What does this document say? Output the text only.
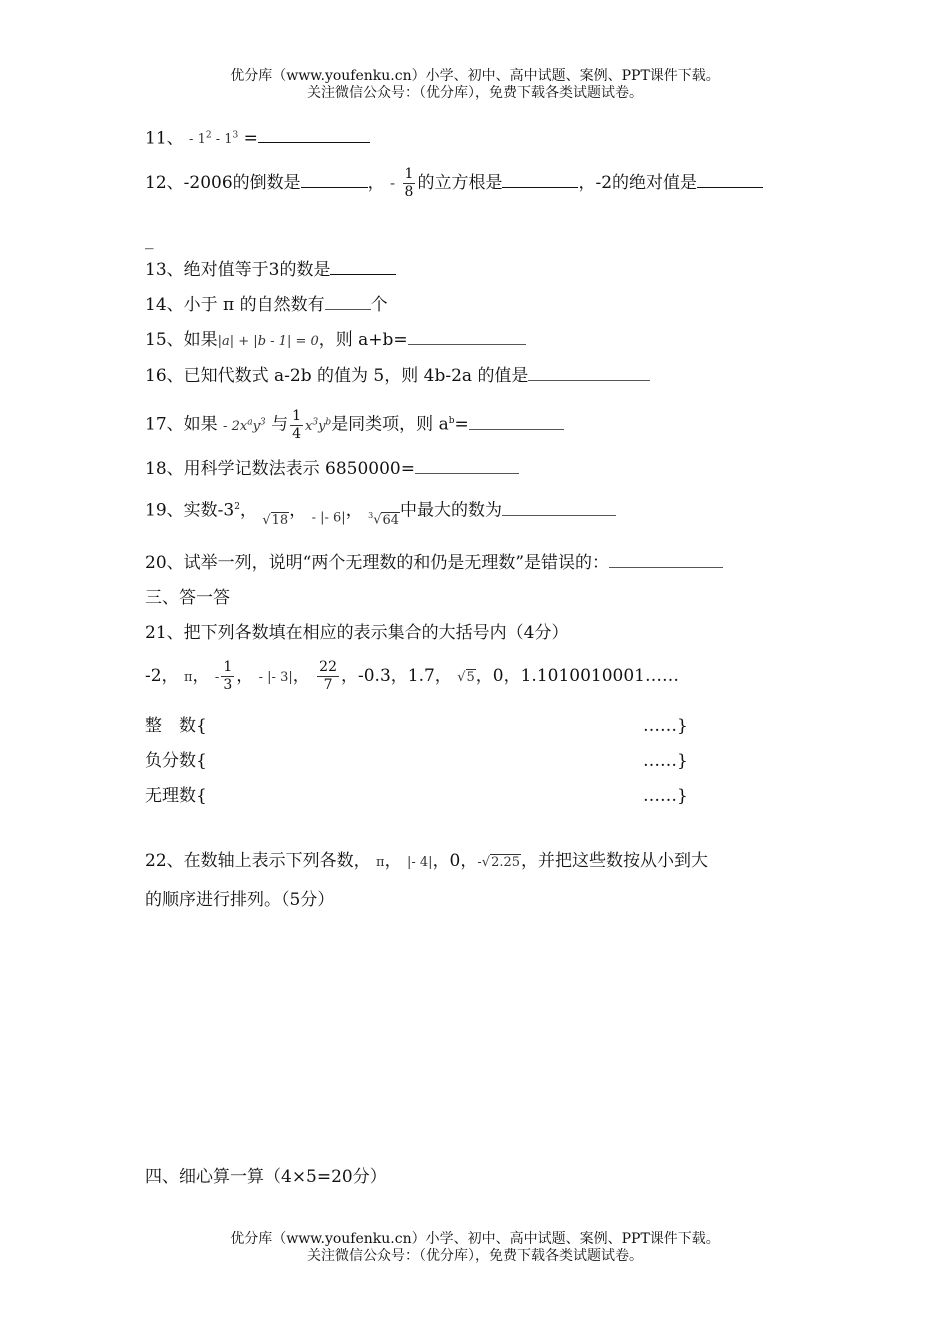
优分库（www.youfenku.cn）小学、初中、高中试题、案例、PPT课件下载。
关注微信公众号：（优分库），免费下载各类试题试卷。
11、 - $1^2 - 1^3$ =
12、-2006的倒数是	， - $\frac{1}{8}$ 的立方根是	，-2的绝对值是
_
13、绝对值等于3的数是
14、小于 π 的自然数有	个
15、如果|a| + |b - 1| = 0，则 a+b=
16、已知代数式 a-2b 的值为 5，则 4b-2a 的值是
17、如果 - $2x^ay^3$ 与 $\frac{1}{4} x^3y^b$是同类项，则 $a^b=$
18、用科学记数法表示 6850000=
19、实数$-3^2$， √18， $_{- |- 6|}$， $^3$√64中最大的数为
20、试举一列，说明“两个无理数的和仍是无理数”是错误的：
三、答一答
21、把下列各数填在相应的表示集合的大括号内（4分）
-2， π， - $\frac{1}{3}$ ， - |- 3|， $\frac{22}{7}$ ，-0.3，1.7， √5，0，1.1010010001……
整　数{	……}
负分数{	……}
无理数{	……}
22、在数轴上表示下列各数， π， |- 4|，0，-√2.25，并把这些数按从小到大
的顺序进行排列。（5分）
四、细心算一算（4×5=20分）
优分库（www.youfenku.cn）小学、初中、高中试题、案例、PPT课件下载。
关注微信公众号：（优分库），免费下载各类试题试卷。
